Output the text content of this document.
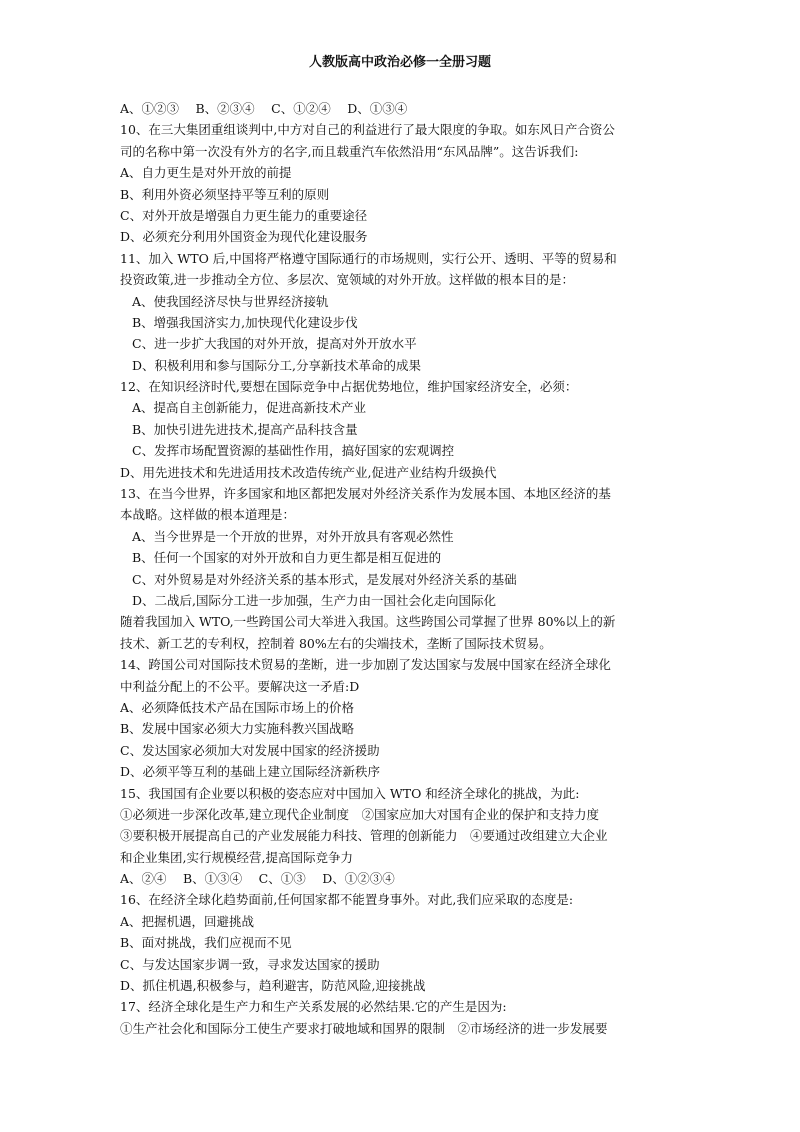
人教版高中政治必修一全册习题
A、①②③　 B、②③④　 C、①②④　 D、①③④
10、在三大集团重组谈判中,中方对自己的利益进行了最大限度的争取。如东风日产合资公
司的名称中第一次没有外方的名字,而且载重汽车依然沿用“东风品牌”。这告诉我们:
A、自力更生是对外开放的前提
B、利用外资必须坚持平等互利的原则
C、对外开放是增强自力更生能力的重要途径
D、必须充分利用外国资金为现代化建设服务
11、加入 WTO 后,中国将严格遵守国际通行的市场规则，实行公开、透明、平等的贸易和
投资政策,进一步推动全方位、多层次、宽领域的对外开放。这样做的根本目的是：
A、使我国经济尽快与世界经济接轨
B、增强我国济实力,加快现代化建设步伐
C、进一步扩大我国的对外开放，提高对外开放水平
D、积极利用和参与国际分工,分享新技术革命的成果
12、在知识经济时代,要想在国际竞争中占据优势地位，维护国家经济安全，必须：
A、提高自主创新能力，促进高新技术产业
B、加快引进先进技术,提高产品科技含量
C、发挥市场配置资源的基础性作用，搞好国家的宏观调控
D、用先进技术和先进适用技术改造传统产业,促进产业结构升级换代
13、在当今世界，许多国家和地区都把发展对外经济关系作为发展本国、本地区经济的基
本战略。这样做的根本道理是：
A、当今世界是一个开放的世界，对外开放具有客观必然性
B、任何一个国家的对外开放和自力更生都是相互促进的
C、对外贸易是对外经济关系的基本形式，是发展对外经济关系的基础
D、二战后,国际分工进一步加强，生产力由一国社会化走向国际化
随着我国加入 WTO,一些跨国公司大举进入我国。这些跨国公司掌握了世界 80%以上的新
技术、新工艺的专利权，控制着 80%左右的尖端技术，垄断了国际技术贸易。
14、跨国公司对国际技术贸易的垄断，进一步加剧了发达国家与发展中国家在经济全球化
中利益分配上的不公平。要解决这一矛盾:D
A、必须降低技术产品在国际市场上的价格
B、发展中国家必须大力实施科教兴国战略
C、发达国家必须加大对发展中国家的经济援助
D、必须平等互利的基础上建立国际经济新秩序
15、我国国有企业要以积极的姿态应对中国加入 WTO 和经济全球化的挑战，为此:
①必须进一步深化改革,建立现代企业制度　②国家应加大对国有企业的保护和支持力度
③要积极开展提高自己的产业发展能力科技、管理的创新能力　④要通过改组建立大企业
和企业集团,实行规模经营,提高国际竞争力
A、②④　 B、①③④　 C、①③　 D、①②③④
16、在经济全球化趋势面前,任何国家都不能置身事外。对此,我们应采取的态度是:
A、把握机遇，回避挑战
B、面对挑战，我们应视而不见
C、与发达国家步调一致，寻求发达国家的援助
D、抓住机遇,积极参与，趋利避害，防范风险,迎接挑战
17、经济全球化是生产力和生产关系发展的必然结果.它的产生是因为:
①生产社会化和国际分工使生产要求打破地域和国界的限制　②市场经济的进一步发展要
